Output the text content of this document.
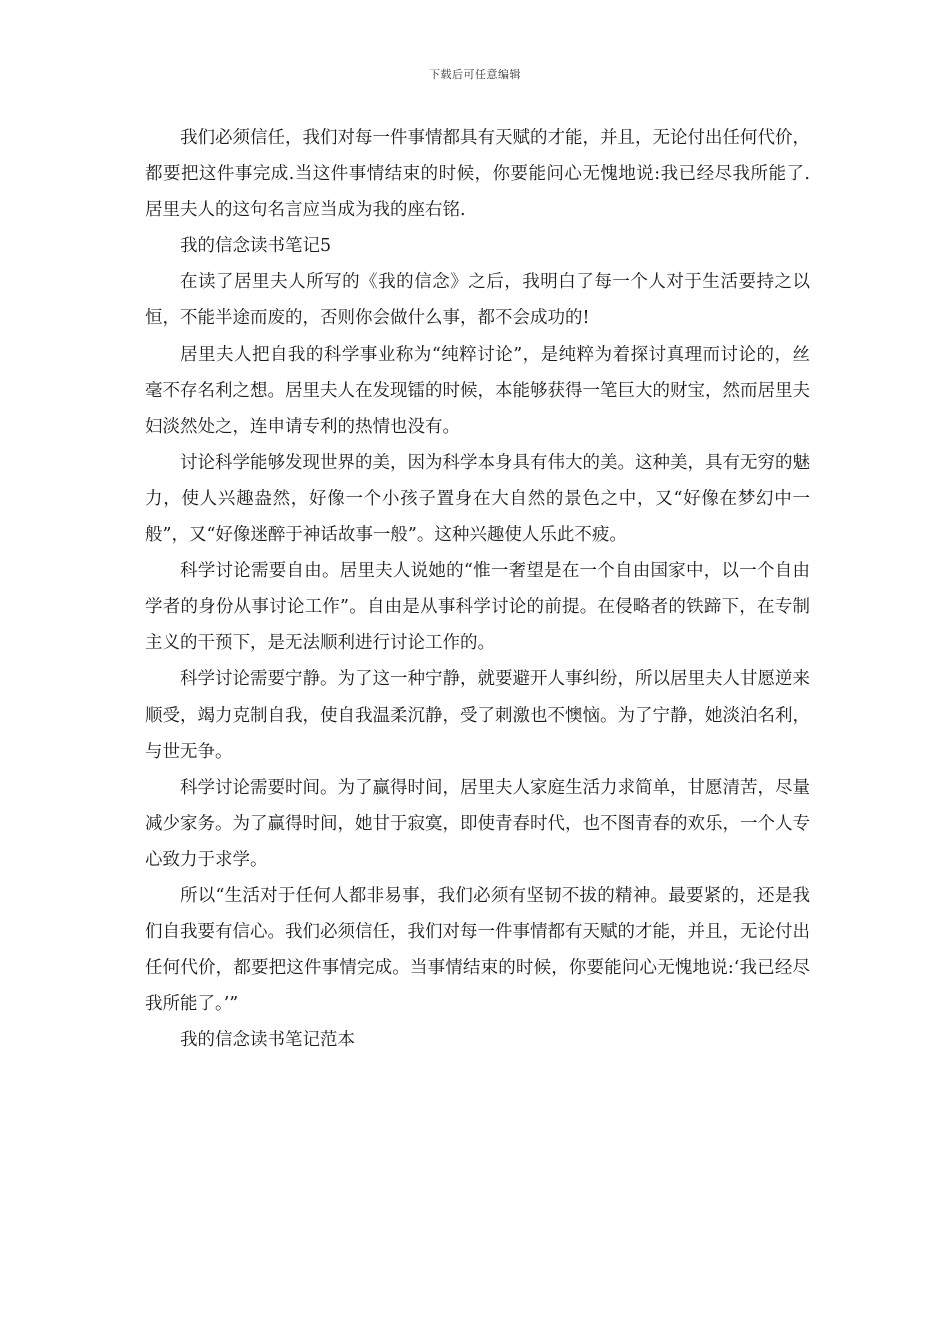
下载后可任意编辑

我们必须信任，我们对每一件事情都具有天赋的才能，并且，无论付出任何代价，都要把这件事完成.当这件事情结束的时候，你要能问心无愧地说:我已经尽我所能了. 居里夫人的这句名言应当成为我的座右铭.

我的信念读书笔记5

在读了居里夫人所写的《我的信念》之后，我明白了每一个人对于生活要持之以恒，不能半途而废的，否则你会做什么事，都不会成功的!

居里夫人把自我的科学事业称为“纯粹讨论”，是纯粹为着探讨真理而讨论的，丝毫不存名利之想。居里夫人在发现镭的时候，本能够获得一笔巨大的财宝，然而居里夫妇淡然处之，连申请专利的热情也没有。

讨论科学能够发现世界的美，因为科学本身具有伟大的美。这种美，具有无穷的魅力，使人兴趣盎然，好像一个小孩子置身在大自然的景色之中，又“好像在梦幻中一般”，又“好像迷醉于神话故事一般”。这种兴趣使人乐此不疲。

科学讨论需要自由。居里夫人说她的“惟一奢望是在一个自由国家中，以一个自由学者的身份从事讨论工作”。自由是从事科学讨论的前提。在侵略者的铁蹄下，在专制主义的干预下，是无法顺利进行讨论工作的。

科学讨论需要宁静。为了这一种宁静，就要避开人事纠纷，所以居里夫人甘愿逆来顺受，竭力克制自我，使自我温柔沉静，受了刺激也不懊恼。为了宁静，她淡泊名利，与世无争。

科学讨论需要时间。为了赢得时间，居里夫人家庭生活力求简单，甘愿清苦，尽量减少家务。为了赢得时间，她甘于寂寞，即使青春时代，也不图青春的欢乐，一个人专心致力于求学。

所以“生活对于任何人都非易事，我们必须有坚韧不拔的精神。最要紧的，还是我们自我要有信心。我们必须信任，我们对每一件事情都有天赋的才能，并且，无论付出任何代价，都要把这件事情完成。当事情结束的时候，你要能问心无愧地说:‘我已经尽我所能了。’”

我的信念读书笔记范本
